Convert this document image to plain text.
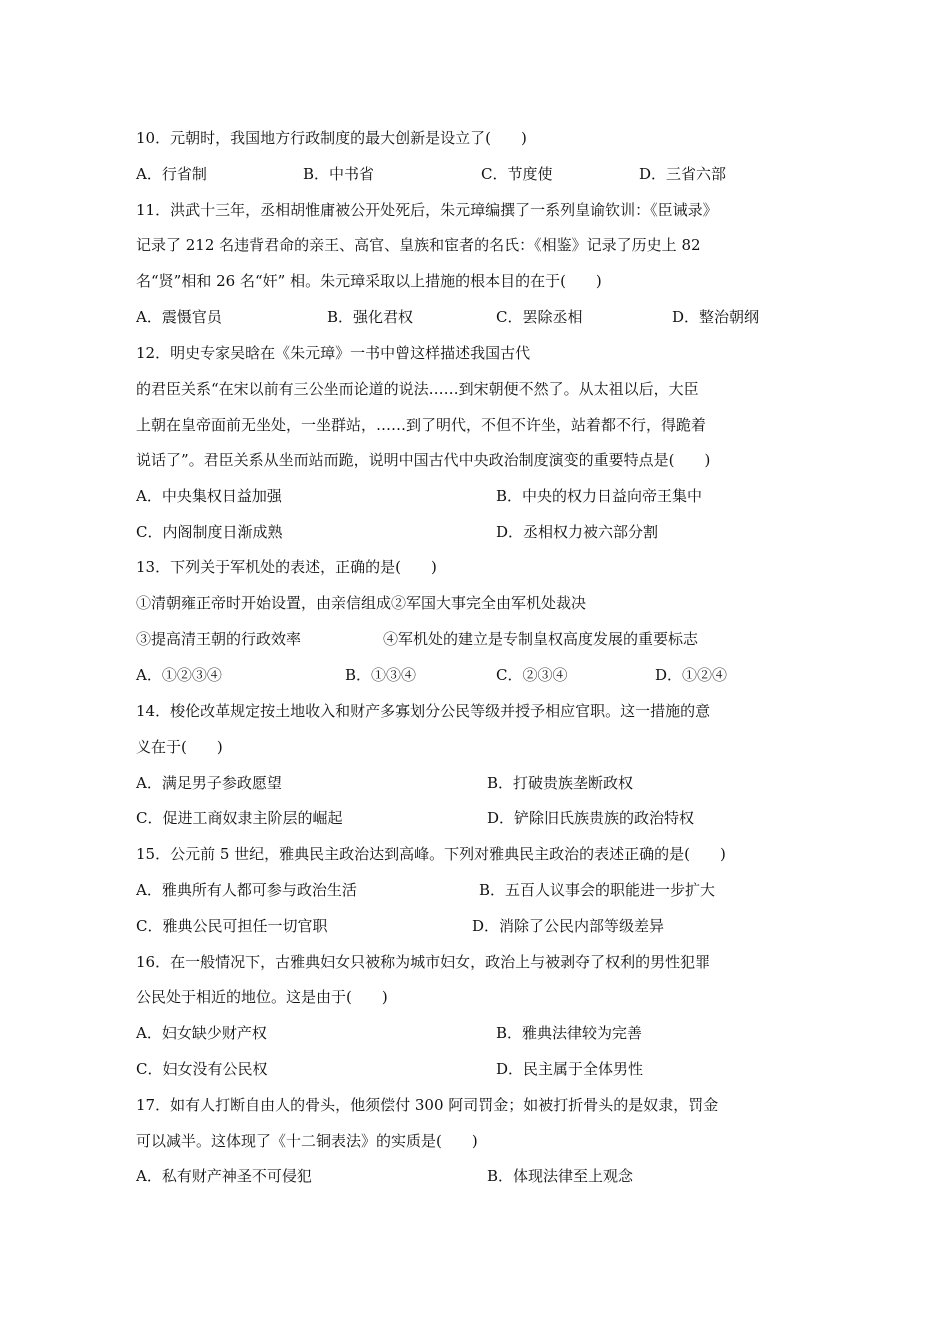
10．元朝时，我国地方行政制度的最大创新是设立了(　　)
A．行省制	B．中书省	C．节度使	D．三省六部
11．洪武十三年，丞相胡惟庸被公开处死后，朱元璋编撰了一系列皇谕钦训：《臣诫录》
记录了 212 名违背君命的亲王、高官、皇族和宦者的名氏：《相鉴》记录了历史上 82
名“贤”相和 26 名“奸” 相。朱元璋采取以上措施的根本目的在于(　　)
A．震慑官员	B．强化君权	C．罢除丞相	D．整治朝纲
12．明史专家吴晗在《朱元璋》一书中曾这样描述我国古代
的君臣关系“在宋以前有三公坐而论道的说法……到宋朝便不然了。从太祖以后，大臣
上朝在皇帝面前无坐处，一坐群站，……到了明代，不但不许坐，站着都不行，得跪着
说话了”。君臣关系从坐而站而跪，说明中国古代中央政治制度演变的重要特点是(　　)
A．中央集权日益加强	B．中央的权力日益向帝王集中
C．内阁制度日渐成熟	D．丞相权力被六部分割
13．下列关于军机处的表述，正确的是(　　)
①清朝雍正帝时开始设置，由亲信组成②军国大事完全由军机处裁决
③提高清王朝的行政效率	④军机处的建立是专制皇权高度发展的重要标志
A．①②③④	B．①③④	C．②③④	D．①②④
14．梭伦改革规定按土地收入和财产多寡划分公民等级并授予相应官职。这一措施的意
义在于(　　)
A．满足男子参政愿望	B．打破贵族垄断政权
C．促进工商奴隶主阶层的崛起	D．铲除旧氏族贵族的政治特权
15．公元前 5 世纪，雅典民主政治达到高峰。下列对雅典民主政治的表述正确的是(　　)
A．雅典所有人都可参与政治生活	B．五百人议事会的职能进一步扩大
C．雅典公民可担任一切官职	D．消除了公民内部等级差异
16．在一般情况下，古雅典妇女只被称为城市妇女，政治上与被剥夺了权利的男性犯罪
公民处于相近的地位。这是由于(　　)
A．妇女缺少财产权	B．雅典法律较为完善
C．妇女没有公民权	D．民主属于全体男性
17．如有人打断自由人的骨头，他须偿付 300 阿司罚金；如被打折骨头的是奴隶，罚金
可以减半。这体现了《十二铜表法》的实质是(　　)
A．私有财产神圣不可侵犯	B．体现法律至上观念
